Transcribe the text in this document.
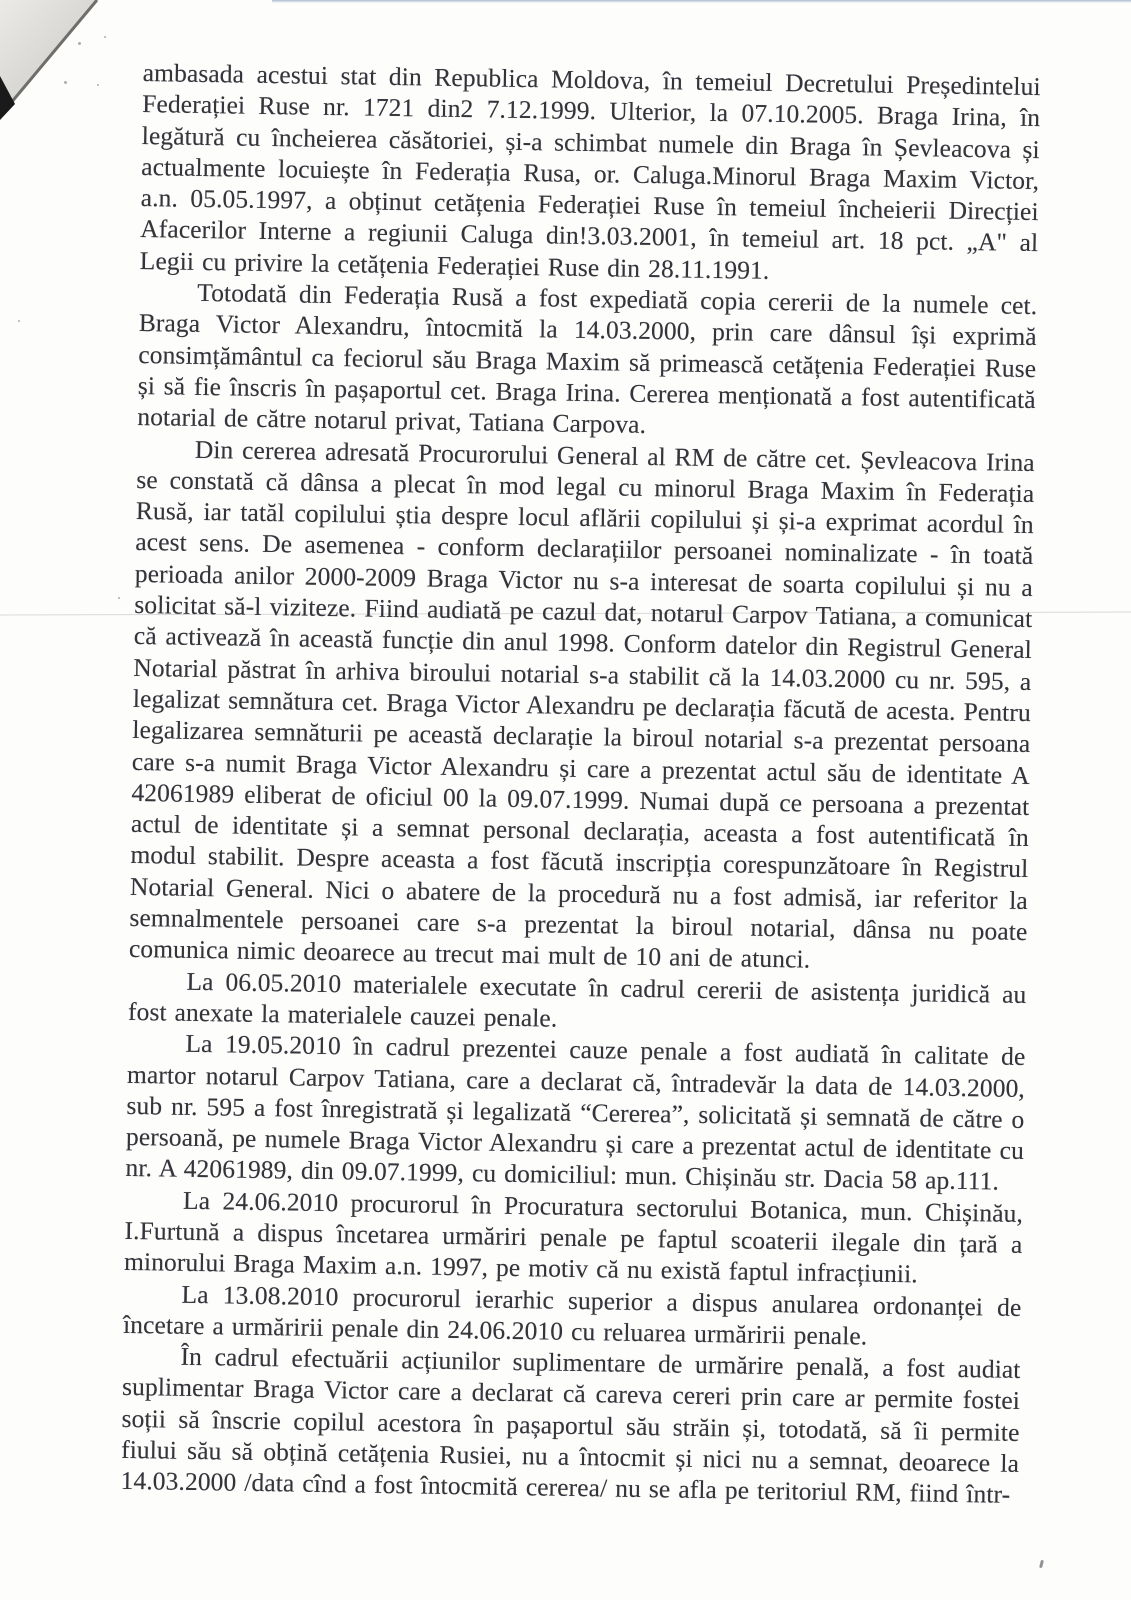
ambasada acestui stat din Republica Moldova, în temeiul Decretului Președintelui Federației Ruse nr. 1721 din2 7.12.1999. Ulterior, la 07.10.2005. Braga Irina, în legătură cu încheierea căsătoriei, și-a schimbat numele din Braga în Șevleacova și actualmente locuiește în Federația Rusa, or. Caluga.Minorul Braga Maxim Victor, a.n. 05.05.1997, a obținut cetățenia Federației Ruse în temeiul încheierii Direcției Afacerilor Interne a regiunii Caluga din!3.03.2001, în temeiul art. 18 pct. „A" al Legii cu privire la cetățenia Federației Ruse din 28.11.1991.

Totodată din Federația Rusă a fost expediată copia cererii de la numele cet. Braga Victor Alexandru, întocmită la 14.03.2000, prin care dânsul își exprimă consimțământul ca feciorul său Braga Maxim să primească cetățenia Federației Ruse și să fie înscris în pașaportul cet. Braga Irina. Cererea menționată a fost autentificată notarial de către notarul privat, Tatiana Carpova.

Din cererea adresată Procurorului General al RM de către cet. Șevleacova Irina se constată că dânsa a plecat în mod legal cu minorul Braga Maxim în Federația Rusă, iar tatăl copilului știa despre locul aflării copilului și și-a exprimat acordul în acest sens. De asemenea - conform declarațiilor persoanei nominalizate - în toată perioada anilor 2000-2009 Braga Victor nu s-a interesat de soarta copilului și nu a solicitat să-l viziteze. Fiind audiată pe cazul dat, notarul Carpov Tatiana, a comunicat că activează în această funcție din anul 1998. Conform datelor din Registrul General Notarial păstrat în arhiva biroului notarial s-a stabilit că la 14.03.2000 cu nr. 595, a legalizat semnătura cet. Braga Victor Alexandru pe declarația făcută de acesta. Pentru legalizarea semnăturii pe această declarație la biroul notarial s-a prezentat persoana care s-a numit Braga Victor Alexandru și care a prezentat actul său de identitate A 42061989 eliberat de oficiul 00 la 09.07.1999. Numai după ce persoana a prezentat actul de identitate și a semnat personal declarația, aceasta a fost autentificată în modul stabilit. Despre aceasta a fost făcută inscripția corespunzătoare în Registrul Notarial General. Nici o abatere de la procedură nu a fost admisă, iar referitor la semnalmentele persoanei care s-a prezentat la biroul notarial, dânsa nu poate comunica nimic deoarece au trecut mai mult de 10 ani de atunci.

La 06.05.2010 materialele executate în cadrul cererii de asistența juridică au fost anexate la materialele cauzei penale.

La 19.05.2010 în cadrul prezentei cauze penale a fost audiată în calitate de martor notarul Carpov Tatiana, care a declarat că, întradevăr la data de 14.03.2000, sub nr. 595 a fost înregistrată și legalizată “Cererea”, solicitată și semnată de către o persoană, pe numele Braga Victor Alexandru și care a prezentat actul de identitate cu nr. A 42061989, din 09.07.1999, cu domiciliul: mun. Chișinău str. Dacia 58 ap.111.

La 24.06.2010 procurorul în Procuratura sectorului Botanica, mun. Chișinău, I.Furtună a dispus încetarea urmăriri penale pe faptul scoaterii ilegale din țară a minorului Braga Maxim a.n. 1997, pe motiv că nu există faptul infracțiunii.

La 13.08.2010 procurorul ierarhic superior a dispus anularea ordonanței de încetare a urmăririi penale din 24.06.2010 cu reluarea urmăririi penale.

În cadrul efectuării acțiunilor suplimentare de urmărire penală, a fost audiat suplimentar Braga Victor care a declarat că careva cereri prin care ar permite fostei soții să înscrie copilul acestora în pașaportul său străin și, totodată, să îi permite fiului său să obțină cetățenia Rusiei, nu a întocmit și nici nu a semnat, deoarece la 14.03.2000 /data cînd a fost întocmită cererea/ nu se afla pe teritoriul RM, fiind într-
